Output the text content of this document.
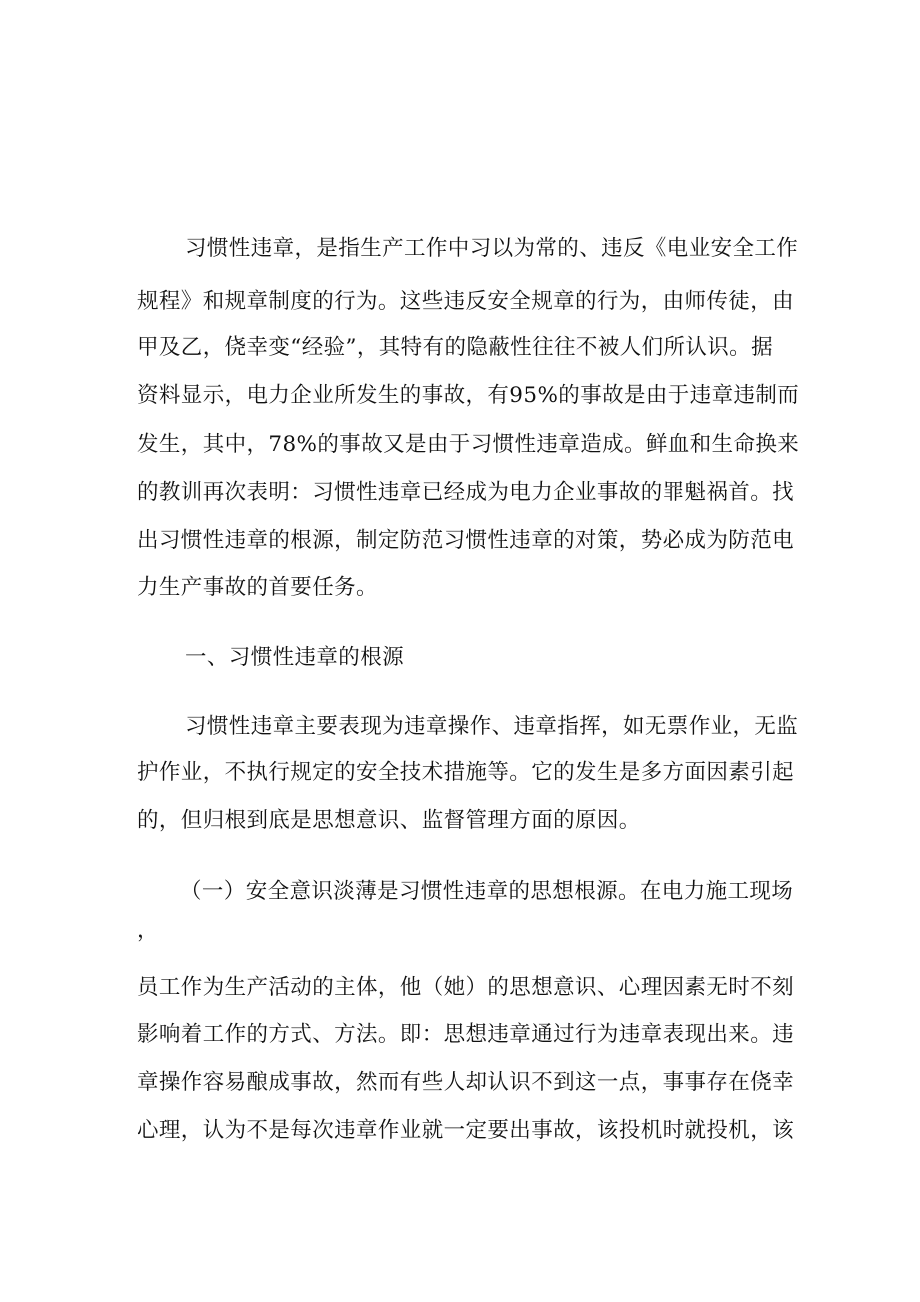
习惯性违章，是指生产工作中习以为常的、违反《电业安全工作
规程》和规章制度的行为。这些违反安全规章的行为，由师传徒，由
甲及乙，侥幸变“经验”，其特有的隐蔽性往往不被人们所认识。据
资料显示，电力企业所发生的事故，有95%的事故是由于违章违制而
发生，其中，78%的事故又是由于习惯性违章造成。鲜血和生命换来
的教训再次表明：习惯性违章已经成为电力企业事故的罪魁祸首。找
出习惯性违章的根源，制定防范习惯性违章的对策，势必成为防范电
力生产事故的首要任务。
一、习惯性违章的根源
习惯性违章主要表现为违章操作、违章指挥，如无票作业，无监
护作业，不执行规定的安全技术措施等。它的发生是多方面因素引起
的，但归根到底是思想意识、监督管理方面的原因。
（一）安全意识淡薄是习惯性违章的思想根源。在电力施工现场
，
员工作为生产活动的主体，他（她）的思想意识、心理因素无时不刻
影响着工作的方式、方法。即：思想违章通过行为违章表现出来。违
章操作容易酿成事故，然而有些人却认识不到这一点，事事存在侥幸
心理，认为不是每次违章作业就一定要出事故，该投机时就投机，该
